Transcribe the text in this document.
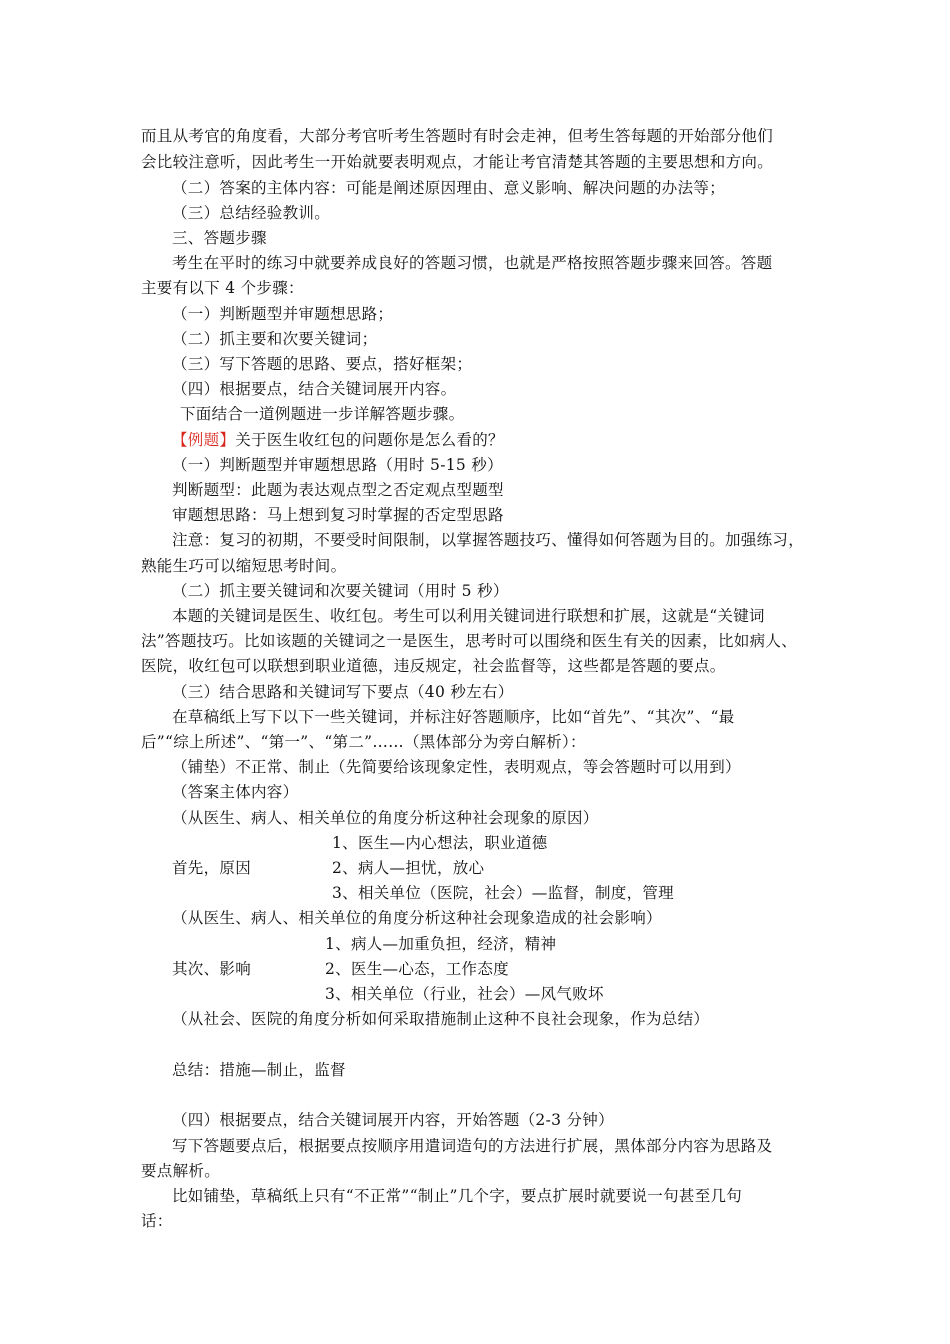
而且从考官的角度看，大部分考官听考生答题时有时会走神，但考生答每题的开始部分他们
会比较注意听，因此考生一开始就要表明观点，才能让考官清楚其答题的主要思想和方向。
（二）答案的主体内容：可能是阐述原因理由、意义影响、解决问题的办法等；
（三）总结经验教训。
三、答题步骤
考生在平时的练习中就要养成良好的答题习惯，也就是严格按照答题步骤来回答。答题
主要有以下 4 个步骤：
（一）判断题型并审题想思路；
（二）抓主要和次要关键词；
（三）写下答题的思路、要点，搭好框架；
（四）根据要点，结合关键词展开内容。
下面结合一道例题进一步详解答题步骤。
【例题】关于医生收红包的问题你是怎么看的？
（一）判断题型并审题想思路（用时 5-15 秒）
判断题型：此题为表达观点型之否定观点型题型
审题想思路：马上想到复习时掌握的否定型思路
注意：复习的初期，不要受时间限制，以掌握答题技巧、懂得如何答题为目的。加强练习，
熟能生巧可以缩短思考时间。
（二）抓主要关键词和次要关键词（用时 5 秒）
本题的关键词是医生、收红包。考生可以利用关键词进行联想和扩展，这就是“关键词
法”答题技巧。比如该题的关键词之一是医生，思考时可以围绕和医生有关的因素，比如病人、
医院，收红包可以联想到职业道德，违反规定，社会监督等，这些都是答题的要点。
（三）结合思路和关键词写下要点（40 秒左右）
在草稿纸上写下以下一些关键词，并标注好答题顺序，比如“首先”、“其次”、“最
后”“综上所述”、“第一”、“第二”……（黑体部分为旁白解析）：
（铺垫）不正常、制止（先简要给该现象定性，表明观点，等会答题时可以用到）
（答案主体内容）
（从医生、病人、相关单位的角度分析这种社会现象的原因）
1、医生—内心想法，职业道德
首先，原因	2、病人—担忧，放心
3、相关单位（医院，社会）—监督，制度，管理
（从医生、病人、相关单位的角度分析这种社会现象造成的社会影响）
1、病人—加重负担，经济，精神
其次、影响	2、医生—心态，工作态度
3、相关单位（行业，社会）—风气败坏
（从社会、医院的角度分析如何采取措施制止这种不良社会现象，作为总结）
总结：措施—制止，监督
（四）根据要点，结合关键词展开内容，开始答题（2-3 分钟）
写下答题要点后，根据要点按顺序用遣词造句的方法进行扩展，黑体部分内容为思路及
要点解析。
比如铺垫，草稿纸上只有“不正常”“制止”几个字，要点扩展时就要说一句甚至几句
话：
